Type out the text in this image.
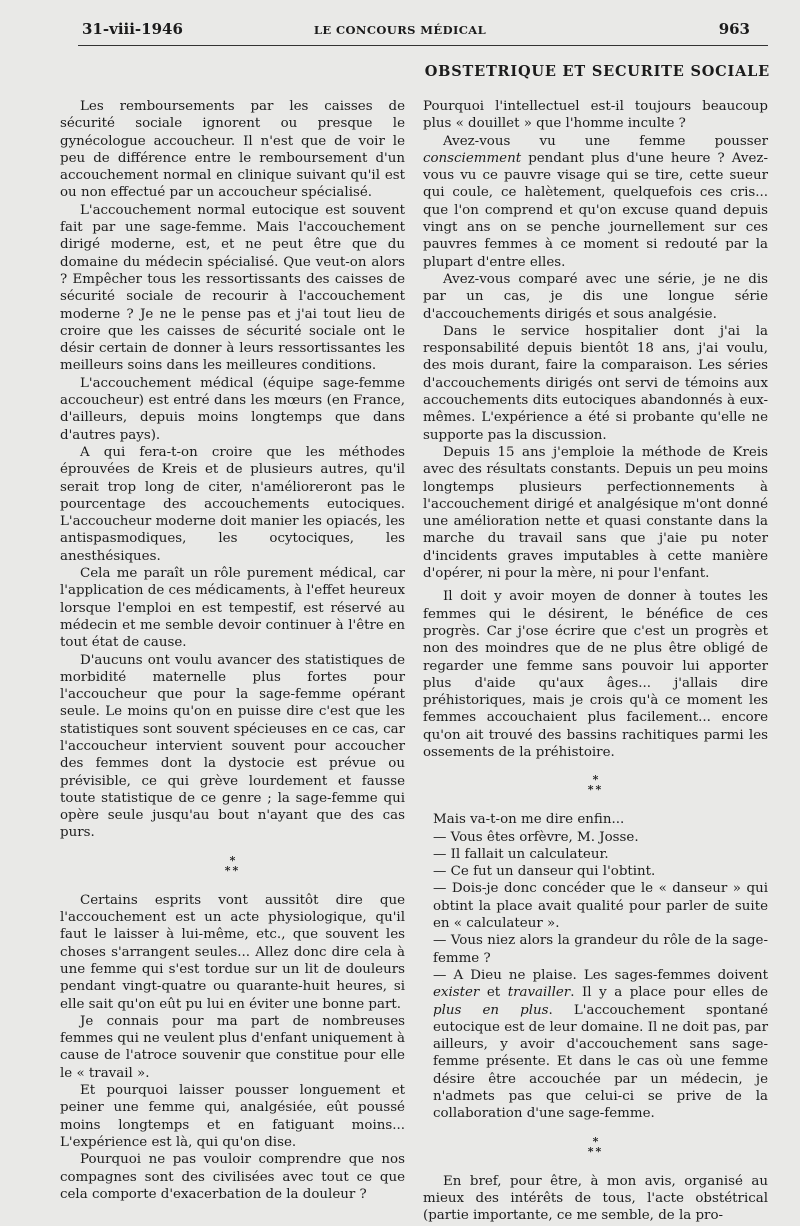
31-viii-1946	LE CONCOURS MÉDICAL	963
OBSTETRIQUE ET SECURITE SOCIALE

Les remboursements par les caisses de sécurité sociale ignorent ou presque le gynécologue accoucheur. Il n'est que de voir le peu de différence entre le remboursement d'un accouchement normal en clinique suivant qu'il est ou non effectué par un accoucheur spécialisé.

L'accouchement normal eutocique est souvent fait par une sage-femme. Mais l'accouchement dirigé moderne, est, et ne peut être que du domaine du médecin spécialisé. Que veut-on alors ? Empêcher tous les ressortissants des caisses de sécurité sociale de recourir à l'accouchement moderne ? Je ne le pense pas et j'ai tout lieu de croire que les caisses de sécurité sociale ont le désir certain de donner à leurs ressortissantes les meilleurs soins dans les meilleures conditions.

L'accouchement médical (équipe sage-femme accoucheur) est entré dans les mœurs (en France, d'ailleurs, depuis moins longtemps que dans d'autres pays).

A qui fera-t-on croire que les méthodes éprouvées de Kreis et de plusieurs autres, qu'il serait trop long de citer, n'amélioreront pas le pourcentage des accouchements eutociques. L'accoucheur moderne doit manier les opiacés, les antispasmodiques, les ocytociques, les anesthésiques.

Cela me paraît un rôle purement médical, car l'application de ces médicaments, à l'effet heureux lorsque l'emploi en est tempestif, est réservé au médecin et me semble devoir continuer à l'être en tout état de cause.

D'aucuns ont voulu avancer des statistiques de morbidité maternelle plus fortes pour l'accoucheur que pour la sage-femme opérant seule. Le moins qu'on en puisse dire c'est que les statistiques sont souvent spécieuses en ce cas, car l'accoucheur intervient souvent pour accoucher des femmes dont la dystocie est prévue ou prévisible, ce qui grève lourdement et fausse toute statistique de ce genre ; la sage-femme qui opère seule jusqu'au bout n'ayant que des cas purs.

*
**

Certains esprits vont aussitôt dire que l'accouchement est un acte physiologique, qu'il faut le laisser à lui-même, etc., que souvent les choses s'arrangent seules... Allez donc dire cela à une femme qui s'est tordue sur un lit de douleurs pendant vingt-quatre ou quarante-huit heures, si elle sait qu'on eût pu lui en éviter une bonne part.

Je connais pour ma part de nombreuses femmes qui ne veulent plus d'enfant uniquement à cause de l'atroce souvenir que constitue pour elle le « travail ».

Et pourquoi laisser pousser longuement et peiner une femme qui, analgésiée, eût poussé moins longtemps et en fatiguant moins... L'expérience est là, qui qu'on dise.

Pourquoi ne pas vouloir comprendre que nos compagnes sont des civilisées avec tout ce que cela comporte d'exacerbation de la douleur ?

Pourquoi l'intellectuel est-il toujours beaucoup plus « douillet » que l'homme inculte ?

Avez-vous vu une femme pousser consciemment pendant plus d'une heure ? Avez-vous vu ce pauvre visage qui se tire, cette sueur qui coule, ce halètement, quelquefois ces cris... que l'on comprend et qu'on excuse quand depuis vingt ans on se penche journellement sur ces pauvres femmes à ce moment si redouté par la plupart d'entre elles.

Avez-vous comparé avec une série, je ne dis par un cas, je dis une longue série d'accouchements dirigés et sous analgésie.

Dans le service hospitalier dont j'ai la responsabilité depuis bientôt 18 ans, j'ai voulu, des mois durant, faire la comparaison. Les séries d'accouchements dirigés ont servi de témoins aux accouchements dits eutociques abandonnés à eux-mêmes. L'expérience a été si probante qu'elle ne supporte pas la discussion.

Depuis 15 ans j'emploie la méthode de Kreis avec des résultats constants. Depuis un peu moins longtemps plusieurs perfectionnements à l'accouchement dirigé et analgésique m'ont donné une amélioration nette et quasi constante dans la marche du travail sans que j'aie pu noter d'incidents graves imputables à cette manière d'opérer, ni pour la mère, ni pour l'enfant.

Il doit y avoir moyen de donner à toutes les femmes qui le désirent, le bénéfice de ces progrès. Car j'ose écrire que c'est un progrès et non des moindres que de ne plus être obligé de regarder une femme sans pouvoir lui apporter plus d'aide qu'aux âges... j'allais dire préhistoriques, mais je crois qu'à ce moment les femmes accouchaient plus facilement... encore qu'on ait trouvé des bassins rachitiques parmi les ossements de la préhistoire.

*
**

Mais va-t-on me dire enfin...

— Vous êtes orfèvre, M. Josse.

— Il fallait un calculateur.

— Ce fut un danseur qui l'obtint.

— Dois-je donc concéder que le « danseur » qui obtint la place avait qualité pour parler de suite en « calculateur ».

— Vous niez alors la grandeur du rôle de la sage-femme ?

— A Dieu ne plaise. Les sages-femmes doivent exister et travailler. Il y a place pour elles de plus en plus. L'accouchement spontané eutocique est de leur domaine. Il ne doit pas, par ailleurs, y avoir d'accouchement sans sage-femme présente. Et dans le cas où une femme désire être accouchée par un médecin, je n'admets pas que celui-ci se prive de la collaboration d'une sage-femme.

*
**

En bref, pour être, à mon avis, organisé au mieux des intérêts de tous, l'acte obstétrical (partie importante, ce me semble, de la pro-
